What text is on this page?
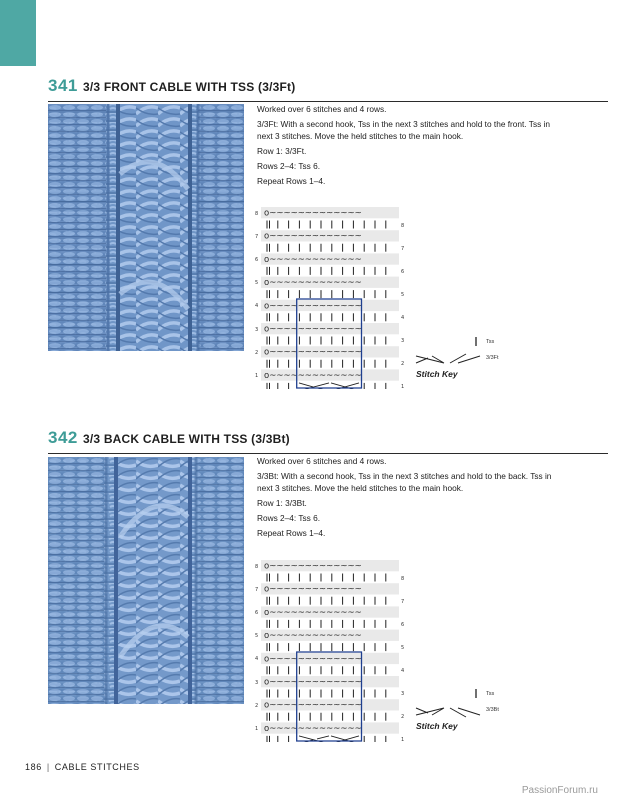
341 3/3 FRONT CABLE WITH TSS (3/3Ft)

Worked over 6 stitches and 4 rows.

3/3Ft: With a second hook, Tss in the next 3 stitches and hold to the front. Tss in next 3 stitches. Move the held stitches to the main hook.

Row 1: 3/3Ft.

Rows 2–4: Tss 6.

Repeat Rows 1–4.

8
7
6
5
4
3
2
1
8
7
6
5
4
3
2
1
o~~~~~~~~~~~~~
o~~~~~~~~~~~~~
o~~~~~~~~~~~~~
o~~~~~~~~~~~~~
o~~~~~~~~~~~~~
o~~~~~~~~~~~~~
o~~~~~~~~~~~~~
o~~~~~~~~~~~~~
Tss
3/3Ft
Stitch Key
342 3/3 BACK CABLE WITH TSS (3/3Bt)

Worked over 6 stitches and 4 rows.

3/3Bt: With a second hook, Tss in the next 3 stitches and hold to the back. Tss in next 3 stitches. Move the held stitches to the main hook.

Row 1: 3/3Bt.

Rows 2–4: Tss 6.

Repeat Rows 1–4.

8
7
6
5
4
3
2
1
8
7
6
5
4
3
2
1
o~~~~~~~~~~~~~
o~~~~~~~~~~~~~
o~~~~~~~~~~~~~
o~~~~~~~~~~~~~
o~~~~~~~~~~~~~
o~~~~~~~~~~~~~
o~~~~~~~~~~~~~
o~~~~~~~~~~~~~
Tss
3/3Bt
Stitch Key
186 | CABLE STITCHES
PassionForum.ru
